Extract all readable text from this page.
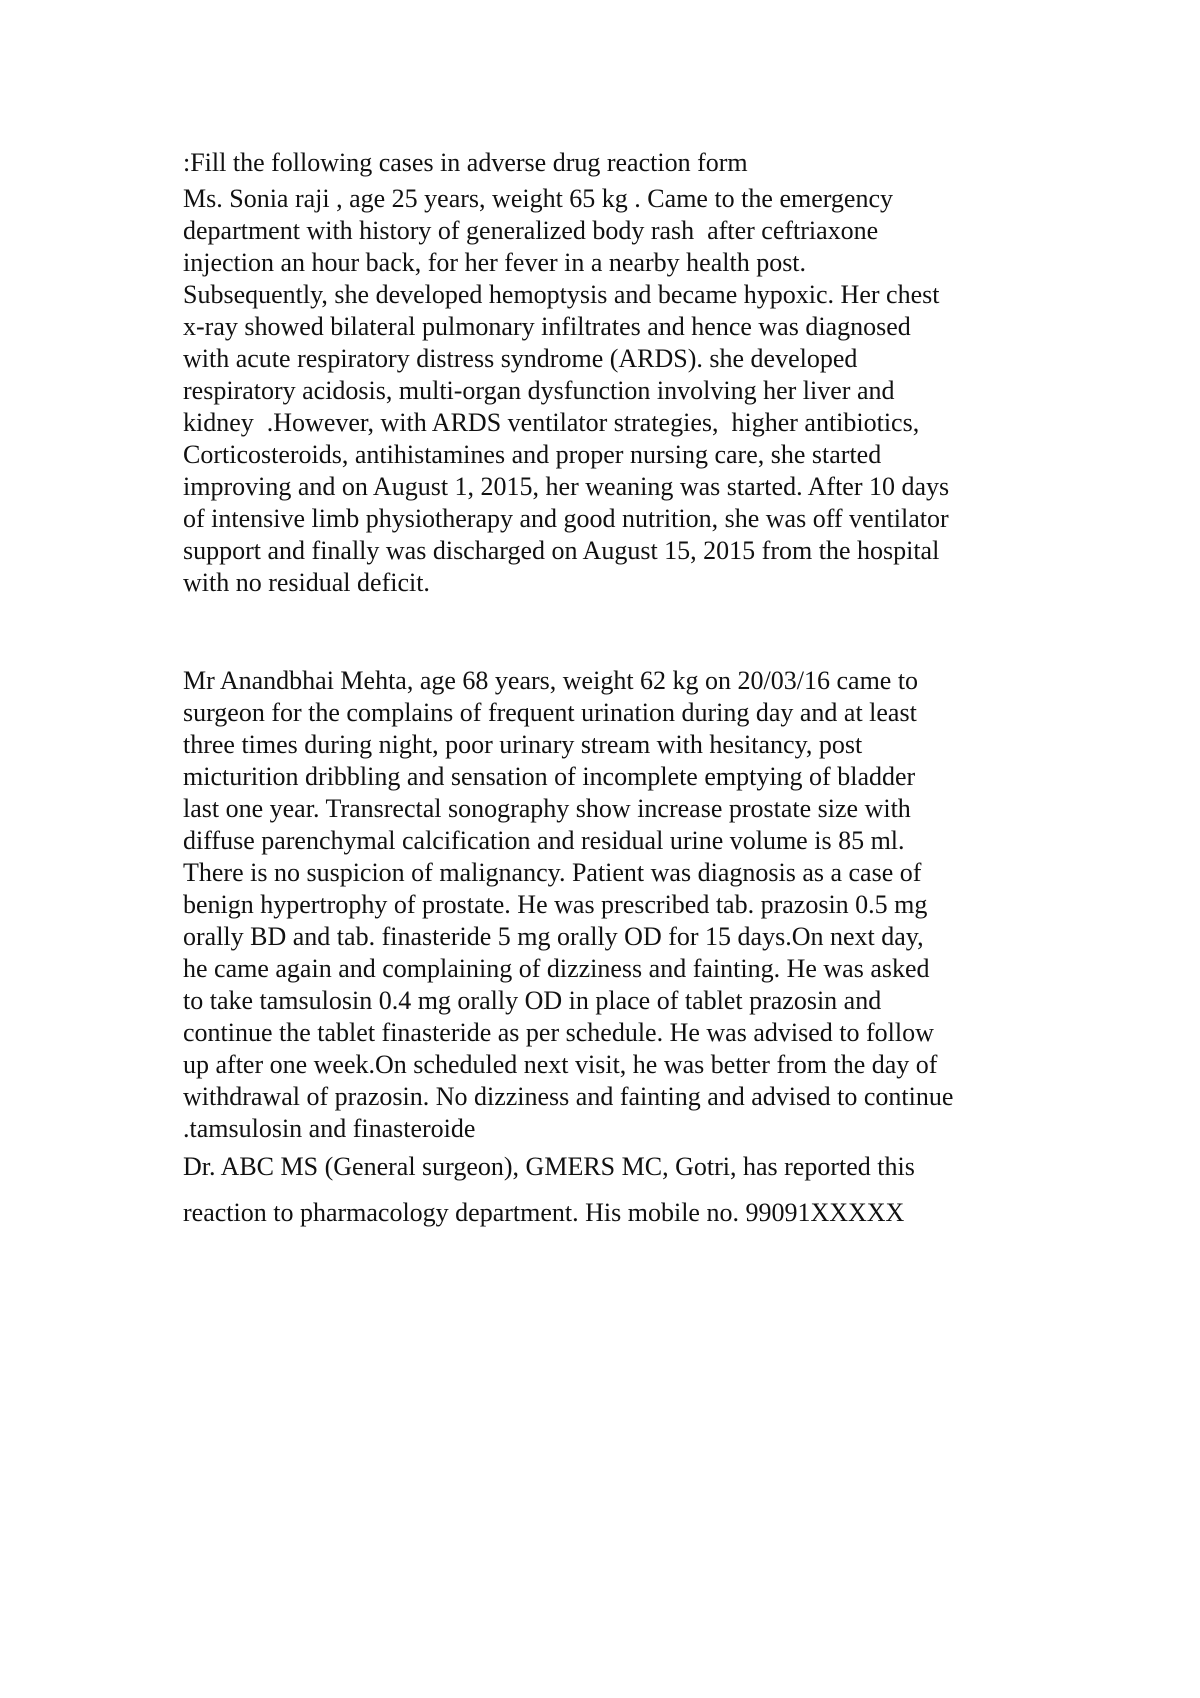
:Fill the following cases in adverse drug reaction form

Ms. Sonia raji , age 25 years, weight 65 kg . Came to the emergency

department with history of generalized body rash  after ceftriaxone

injection an hour back, for her fever in a nearby health post.

Subsequently, she developed hemoptysis and became hypoxic. Her chest

x-ray showed bilateral pulmonary infiltrates and hence was diagnosed

with acute respiratory distress syndrome (ARDS). she developed

respiratory acidosis, multi-organ dysfunction involving her liver and

kidney  .However, with ARDS ventilator strategies,  higher antibiotics,

Corticosteroids, antihistamines and proper nursing care, she started

improving and on August 1, 2015, her weaning was started. After 10 days

of intensive limb physiotherapy and good nutrition, she was off ventilator

support and finally was discharged on August 15, 2015 from the hospital

with no residual deficit.

Mr Anandbhai Mehta, age 68 years, weight 62 kg on 20/03/16 came to

surgeon for the complains of frequent urination during day and at least

three times during night, poor urinary stream with hesitancy, post

micturition dribbling and sensation of incomplete emptying of bladder

last one year. Transrectal sonography show increase prostate size with

diffuse parenchymal calcification and residual urine volume is 85 ml.

There is no suspicion of malignancy. Patient was diagnosis as a case of

benign hypertrophy of prostate. He was prescribed tab. prazosin 0.5 mg

orally BD and tab. finasteride 5 mg orally OD for 15 days.On next day,

he came again and complaining of dizziness and fainting. He was asked

to take tamsulosin 0.4 mg orally OD in place of tablet prazosin and

continue the tablet finasteride as per schedule. He was advised to follow

up after one week.On scheduled next visit, he was better from the day of

withdrawal of prazosin. No dizziness and fainting and advised to continue

.tamsulosin and finasteroide

Dr. ABC MS (General surgeon), GMERS MC, Gotri, has reported this

reaction to pharmacology department. His mobile no. 99091XXXXX
